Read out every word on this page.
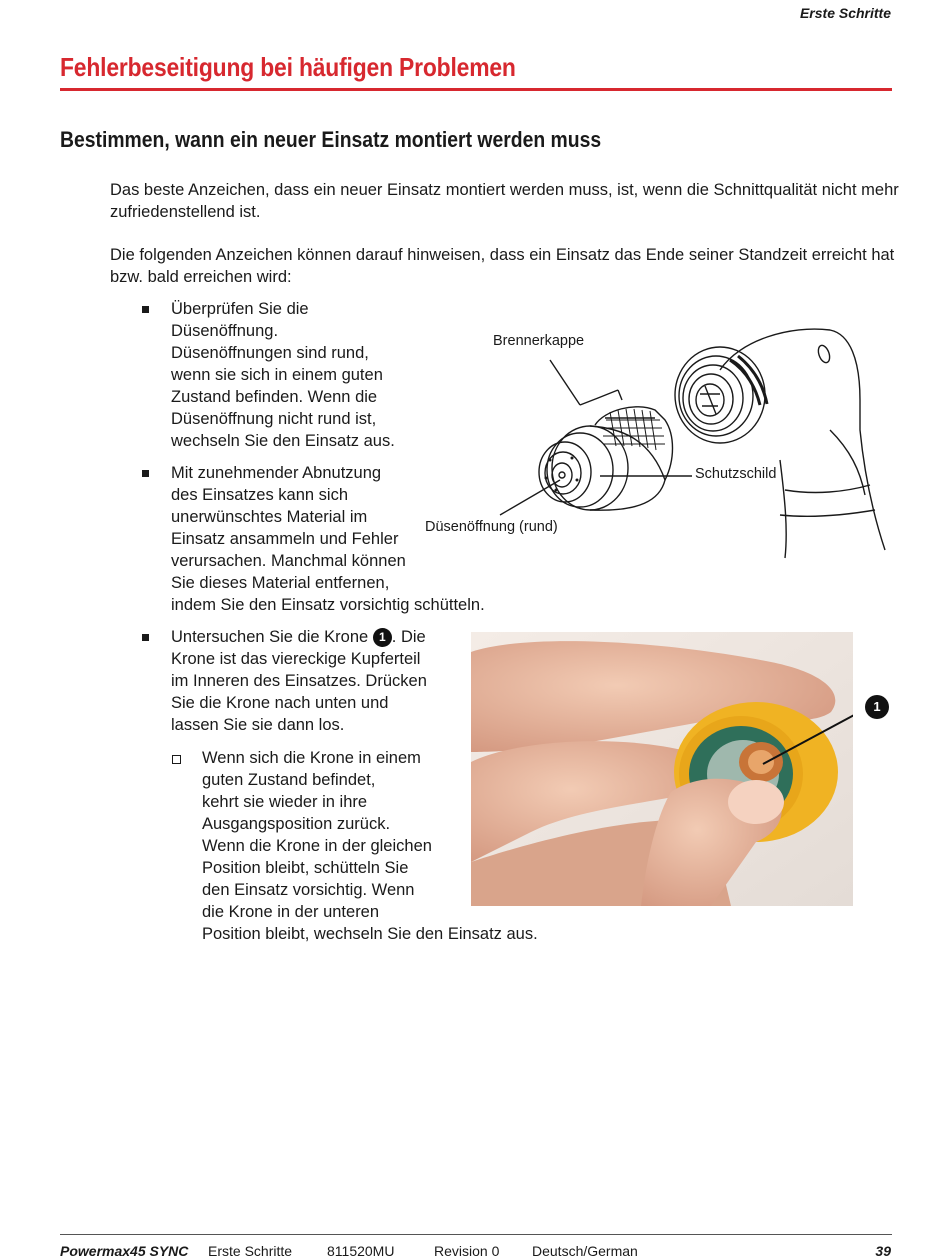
Erste Schritte
Fehlerbeseitigung bei häufigen Problemen
Bestimmen, wann ein neuer Einsatz montiert werden muss
Das beste Anzeichen, dass ein neuer Einsatz montiert werden muss, ist, wenn die Schnittqualität nicht mehr zufriedenstellend ist.
Die folgenden Anzeichen können darauf hinweisen, dass ein Einsatz das Ende seiner Standzeit erreicht hat bzw. bald erreichen wird:
Überprüfen Sie die
Düsenöffnung.
Düsenöffnungen sind rund,
wenn sie sich in einem guten
Zustand befinden. Wenn die
Düsenöffnung nicht rund ist,
wechseln Sie den Einsatz aus.
Mit zunehmender Abnutzung
des Einsatzes kann sich
unerwünschtes Material im
Einsatz ansammeln und Fehler
verursachen. Manchmal können
Sie dieses Material entfernen,
indem Sie den Einsatz vorsichtig schütteln.
Untersuchen Sie die Krone 1 . Die
Krone ist das viereckige Kupferteil
im Inneren des Einsatzes. Drücken
Sie die Krone nach unten und
lassen Sie sie dann los.
Wenn sich die Krone in einem
guten Zustand befindet,
kehrt sie wieder in ihre
Ausgangsposition zurück.
Wenn die Krone in der gleichen
Position bleibt, schütteln Sie
den Einsatz vorsichtig. Wenn
die Krone in der unteren
Position bleibt, wechseln Sie den Einsatz aus.
Brennerkappe
Schutzschild
Düsenöffnung (rund)
1
Powermax45 SYNC Erste Schritte 811520MU	Revision 0 Deutsch/German	39
